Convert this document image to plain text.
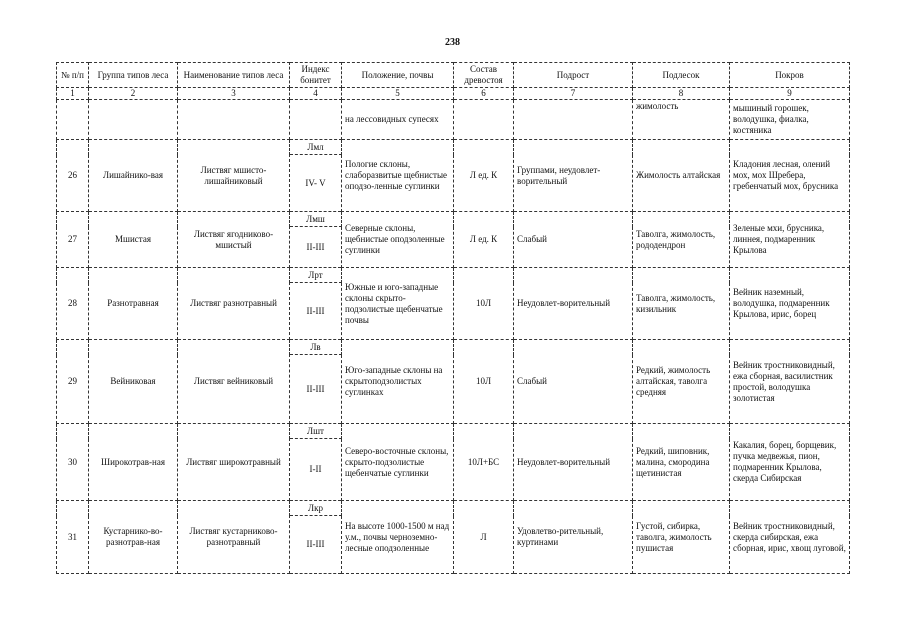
238
№ п/п	Группа типов леса	Наименование типов леса	Индекс бонитет	Положение, почвы	Состав древостоя	Подрост	Подлесок	Покров
1	2	3	4	5	6	7	8	9
				на лессовидных супесях			жимолость	мышиный горошек, володушка, фиалка, костяника
26	Лишайнико-вая	Листвяг мшисто-лишайниковый	Лмл	Пологие склоны, слаборазвитые щебнистые оподзо-ленные суглинки	Л ед. К	Группами, неудовлет-ворительный	Жимолость алтайская	Кладония лесная, олений мох, мох Шребера, гребенчатый мох, брусника
			IV- V					
27	Мшистая	Листвяг ягодниково-мшистый	Лмш	Северные склоны, щебнистые оподзоленные суглинки	Л ед. К	Слабый	Таволга, жимолость, рододендрон	Зеленые мхи, брусника, линнея, подмаренник Крылова
			II-III					
28	Разнотравная	Листвяг разнотравный	Лрт	Южные и юго-западные склоны скрыто-подзолистые щебенчатые почвы	10Л	Неудовлет-ворительный	Таволга, жимолость, кизильник	Вейник наземный, володушка, подмаренник Крылова, ирис, борец
			II-III					
29	Вейниковая	Листвяг вейниковый	Лв	Юго-западные склоны на скрытоподзолистых суглинках	10Л	Слабый	Редкий, жимолость алтайская, таволга средняя	Вейник тростниковидный, ежа сборная, василистник простой, володушка золотистая
			II-III					
30	Широкотрав-ная	Листвяг широкотравный	Лшт	Северо-восточные склоны, скрыто-подзолистые щебенчатые суглинки	10Л+БС	Неудовлет-ворительный	Редкий, шиповник, малина, смородина щетинистая	Какалия, борец, борщевик, пучка медвежья, пион, подмаренник Крылова, скерда Сибирская
			I-II					
31	Кустарнико-во-разнотрав-ная	Листвяг кустарниково-разнотравный	Лкр	На высоте 1000-1500 м над у.м., почвы черноземно-лесные оподзоленные	Л	Удовлетво-рительный, куртинами	Густой, сибирка, таволга, жимолость пушистая	Вейник тростниковидный, скерда сибирская, ежа сборная, ирис, хвощ луговой,
			II-III					
